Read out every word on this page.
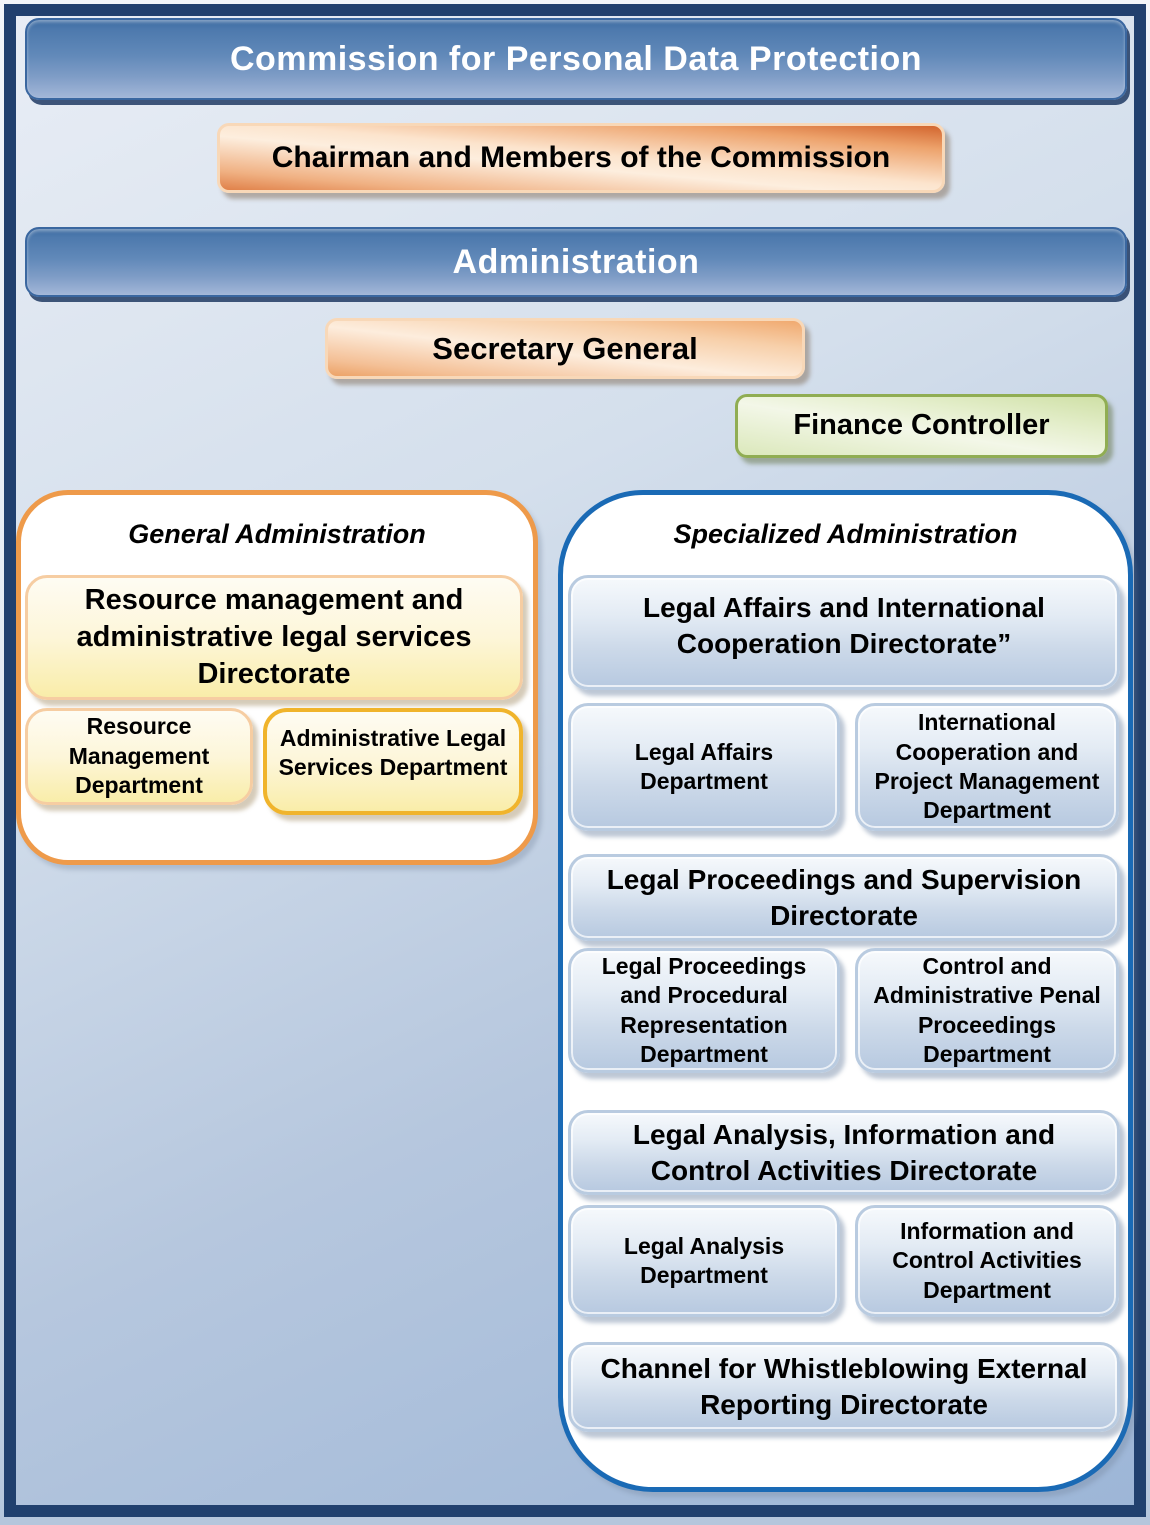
Commission for Personal Data Protection
Chairman and Members of the Commission
Administration
Secretary General
Finance Controller
General Administration
Resource management and administrative legal services Directorate
Resource Management Department
Administrative Legal Services Department
Specialized Administration
Legal Affairs and International Cooperation Directorate”
Legal Affairs Department
International Cooperation and Project Management Department
Legal Proceedings and Supervision Directorate
Legal Proceedings and Procedural Representation Department
Control and Administrative Penal Proceedings Department
Legal Analysis, Information and Control Activities Directorate
Legal Analysis Department
Information and Control Activities Department
Channel for Whistleblowing External Reporting Directorate
